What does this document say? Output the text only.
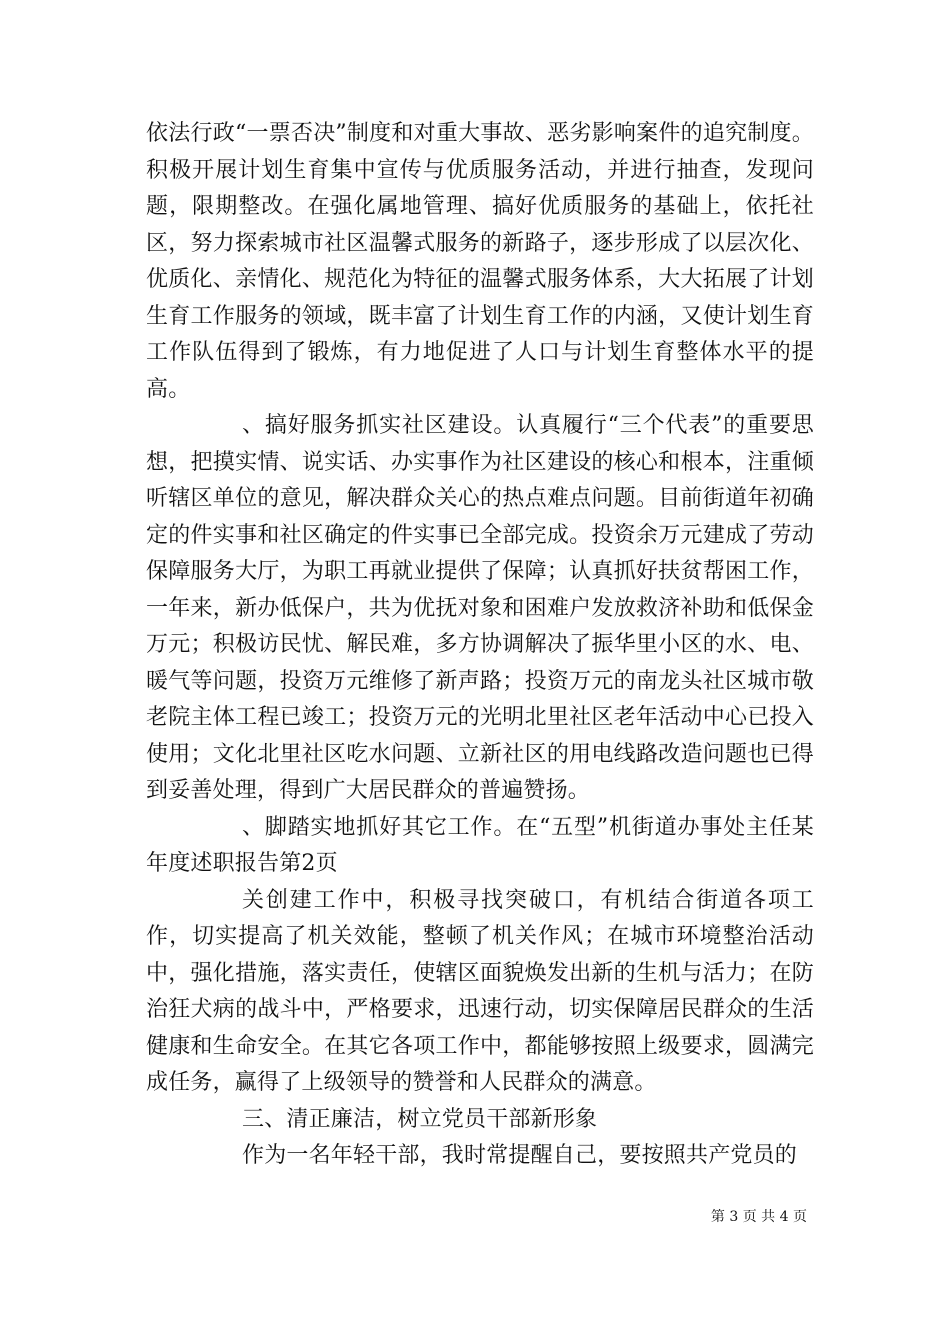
依法行政“一票否决”制度和对重大事故、恶劣影响案件的追究制度。积极开展计划生育集中宣传与优质服务活动，并进行抽查，发现问题，限期整改。在强化属地管理、搞好优质服务的基础上，依托社区，努力探索城市社区温馨式服务的新路子，逐步形成了以层次化、优质化、亲情化、规范化为特征的温馨式服务体系，大大拓展了计划生育工作服务的领域，既丰富了计划生育工作的内涵，又使计划生育工作队伍得到了锻炼，有力地促进了人口与计划生育整体水平的提高。

、搞好服务抓实社区建设。认真履行“三个代表”的重要思想，把摸实情、说实话、办实事作为社区建设的核心和根本，注重倾听辖区单位的意见，解决群众关心的热点难点问题。目前街道年初确定的件实事和社区确定的件实事已全部完成。投资余万元建成了劳动保障服务大厅，为职工再就业提供了保障；认真抓好扶贫帮困工作，一年来，新办低保户，共为优抚对象和困难户发放救济补助和低保金万元；积极访民忧、解民难，多方协调解决了振华里小区的水、电、暖气等问题，投资万元维修了新声路；投资万元的南龙头社区城市敬老院主体工程已竣工；投资万元的光明北里社区老年活动中心已投入使用；文化北里社区吃水问题、立新社区的用电线路改造问题也已得到妥善处理，得到广大居民群众的普遍赞扬。

、脚踏实地抓好其它工作。在“五型”机街道办事处主任某年度述职报告第2页

关创建工作中，积极寻找突破口，有机结合街道各项工作，切实提高了机关效能，整顿了机关作风；在城市环境整治活动中，强化措施，落实责任，使辖区面貌焕发出新的生机与活力；在防治狂犬病的战斗中，严格要求，迅速行动，切实保障居民群众的生活健康和生命安全。在其它各项工作中，都能够按照上级要求，圆满完成任务，赢得了上级领导的赞誉和人民群众的满意。

三、清正廉洁，树立党员干部新形象

作为一名年轻干部，我时常提醒自己，要按照共产党员的

第 3 页 共 4 页
